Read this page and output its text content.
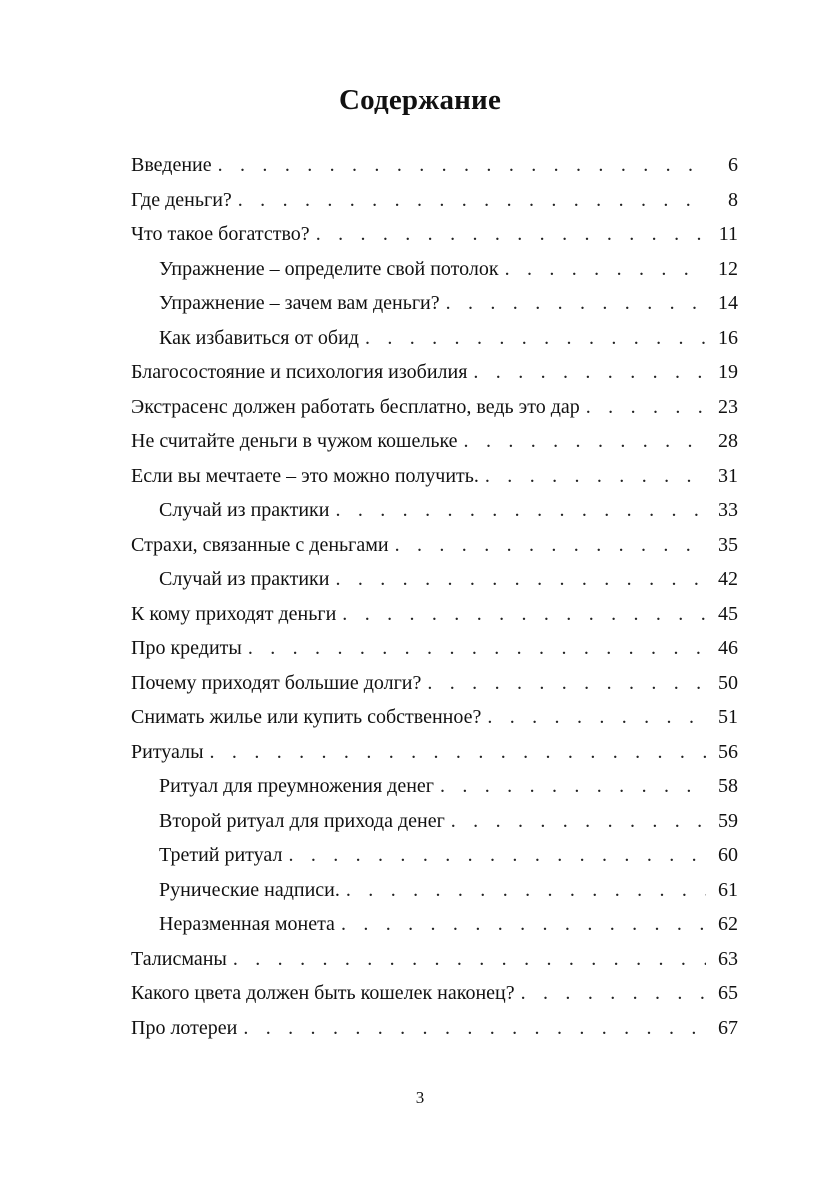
Содержание
Введение . . .	6
Где деньги? . . .	8
Что такое богатство? . . .	11
Упражнение – определите свой потолок . . .	12
Упражнение – зачем вам деньги? . . .	14
Как избавиться от обид . . .	16
Благосостояние и психология изобилия . . .	19
Экстрасенс должен работать бесплатно, ведь это дар . . .	23
Не считайте деньги в чужом кошельке . . .	28
Если вы мечтаете – это можно получить. . . .	31
Случай из практики . . .	33
Страхи, связанные с деньгами . . .	35
Случай из практики . . .	42
К кому приходят деньги . . .	45
Про кредиты . . .	46
Почему приходят большие долги? . . .	50
Снимать жилье или купить собственное? . . .	51
Ритуалы . . .	56
Ритуал для преумножения денег . . .	58
Второй ритуал для прихода денег . . .	59
Третий ритуал . . .	60
Рунические надписи. . . .	61
Неразменная монета . . .	62
Талисманы . . .	63
Какого цвета должен быть кошелек наконец? . . .	65
Про лотереи . . .	67
3
